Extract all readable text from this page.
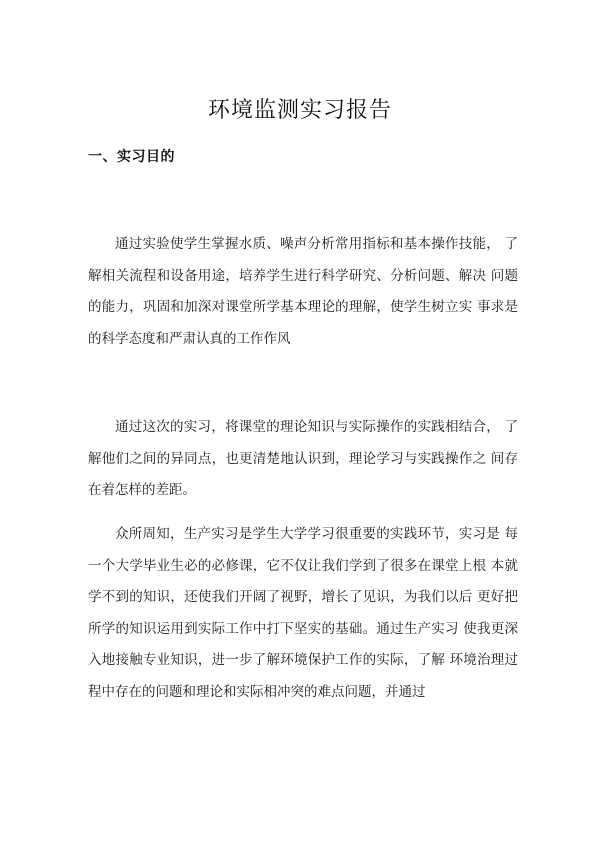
环境监测实习报告
一、实习目的

通过实验使学生掌握水质、噪声分析常用指标和基本操作技能， 了解相关流程和设备用途，培养学生进行科学研究、分析问题、解决 问题的能力，巩固和加深对课堂所学基本理论的理解，使学生树立实 事求是的科学态度和严肃认真的工作作风

通过这次的实习，将课堂的理论知识与实际操作的实践相结合， 了解他们之间的异同点，也更清楚地认识到，理论学习与实践操作之 间存在着怎样的差距。

众所周知，生产实习是学生大学学习很重要的实践环节，实习是 每一个大学毕业生必的必修课，它不仅让我们学到了很多在课堂上根 本就学不到的知识，还使我们开阔了视野，增长了见识，为我们以后 更好把所学的知识运用到实际工作中打下坚实的基础。通过生产实习 使我更深入地接触专业知识，进一步了解环境保护工作的实际，了解 环境治理过程中存在的问题和理论和实际相冲突的难点问题，并通过
